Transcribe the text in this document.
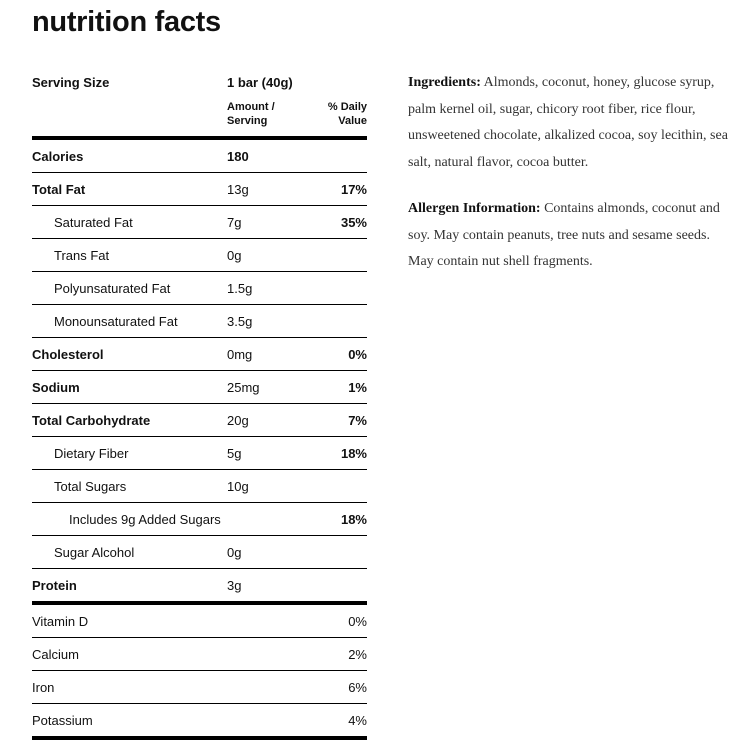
nutrition facts
Serving Size	1 bar (40g)
Amount /
Serving
% Daily
Value
Calories	180
Total Fat	13g	17%
Saturated Fat	7g	35%
Trans Fat	0g
Polyunsaturated Fat	1.5g
Monounsaturated Fat	3.5g
Cholesterol	0mg	0%
Sodium	25mg	1%
Total Carbohydrate	20g	7%
Dietary Fiber	5g	18%
Total Sugars	10g
Includes 9g Added Sugars	18%
Sugar Alcohol	0g
Protein	3g
Vitamin D	0%
Calcium	2%
Iron	6%
Potassium	4%

Ingredients: Almonds, coconut, honey, glucose syrup, palm kernel oil, sugar, chicory root fiber, rice flour, unsweetened chocolate, alkalized cocoa, soy lecithin, sea salt, natural flavor, cocoa butter.

Allergen Information: Contains almonds, coconut and soy. May contain peanuts, tree nuts and sesame seeds. May contain nut shell fragments.
